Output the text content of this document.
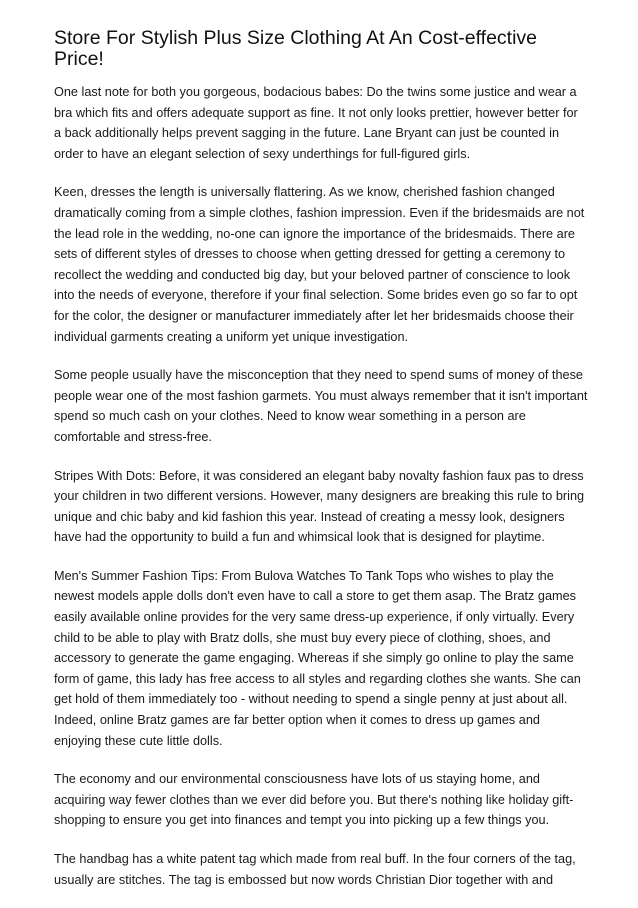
Store For Stylish Plus Size Clothing At An Cost-effective Price!

One last note for both you gorgeous, bodacious babes: Do the twins some justice and wear a bra which fits and offers adequate support as fine. It not only looks prettier, however better for a back additionally helps prevent sagging in the future. Lane Bryant can just be counted in order to have an elegant selection of sexy underthings for full-figured girls.

Keen, dresses the length is universally flattering. As we know, cherished fashion changed dramatically coming from a simple clothes, fashion impression. Even if the bridesmaids are not the lead role in the wedding, no-one can ignore the importance of the bridesmaids. There are sets of different styles of dresses to choose when getting dressed for getting a ceremony to recollect the wedding and conducted big day, but your beloved partner of conscience to look into the needs of everyone, therefore if your final selection. Some brides even go so far to opt for the color, the designer or manufacturer immediately after let her bridesmaids choose their individual garments creating a uniform yet unique investigation.

Some people usually have the misconception that they need to spend sums of money of these people wear one of the most fashion garmets. You must always remember that it isn't important spend so much cash on your clothes. Need to know wear something in a person are comfortable and stress-free.

Stripes With Dots: Before, it was considered an elegant baby novalty fashion faux pas to dress your children in two different versions. However, many designers are breaking this rule to bring unique and chic baby and kid fashion this year. Instead of creating a messy look, designers have had the opportunity to build a fun and whimsical look that is designed for playtime.

Men's Summer Fashion Tips: From Bulova Watches To Tank Tops who wishes to play the newest models apple dolls don't even have to call a store to get them asap. The Bratz games easily available online provides for the very same dress-up experience, if only virtually. Every child to be able to play with Bratz dolls, she must buy every piece of clothing, shoes, and accessory to generate the game engaging. Whereas if she simply go online to play the same form of game, this lady has free access to all styles and regarding clothes she wants. She can get hold of them immediately too - without needing to spend a single penny at just about all. Indeed, online Bratz games are far better option when it comes to dress up games and enjoying these cute little dolls.

The economy and our environmental consciousness have lots of us staying home, and acquiring way fewer clothes than we ever did before you. But there's nothing like holiday gift-shopping to ensure you get into finances and tempt you into picking up a few things you.

The handbag has a white patent tag which made from real buff. In the four corners of the tag, usually are stitches. The tag is embossed but now words Christian Dior together with and
